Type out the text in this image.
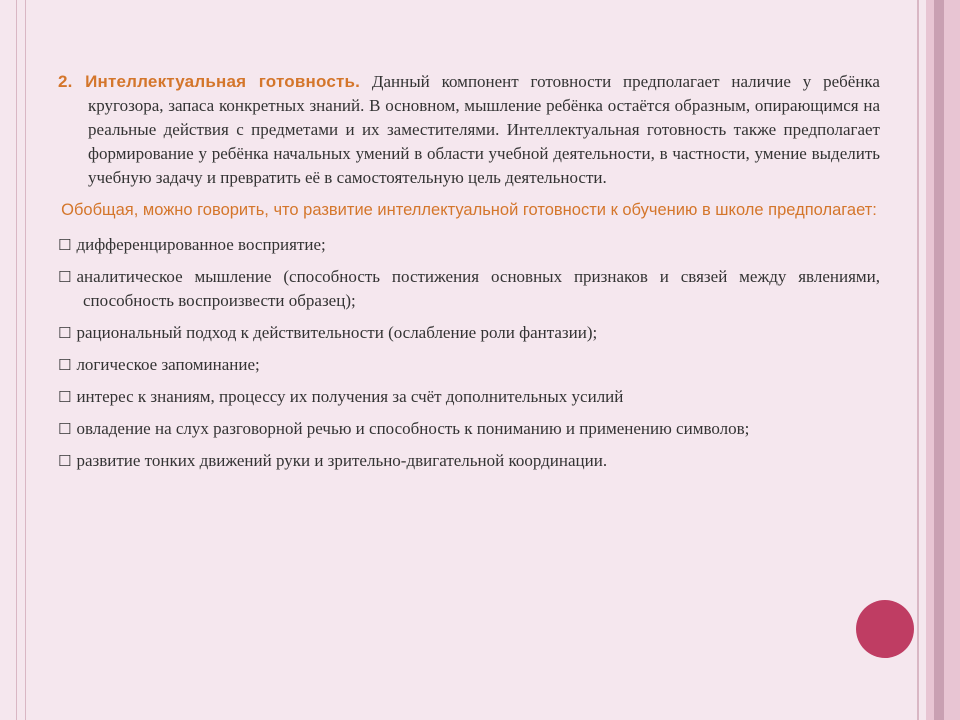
2. Интеллектуальная готовность. Данный компонент готовности предполагает наличие у ребёнка кругозора, запаса конкретных знаний. В основном, мышление ребёнка остаётся образным, опирающимся на реальные действия с предметами и их заместителями. Интеллектуальная готовность также предполагает формирование у ребёнка начальных умений в области учебной деятельности, в частности, умение выделить учебную задачу и превратить её в самостоятельную цель деятельности.

Обобщая, можно говорить, что развитие интеллектуальной готовности к обучению в школе предполагает:

☐ дифференцированное восприятие;
☐ аналитическое мышление (способность постижения основных признаков и связей между явлениями, способность воспроизвести образец);
☐ рациональный подход к действительности (ослабление роли фантазии);
☐ логическое запоминание;
☐ интерес к знаниям, процессу их получения за счёт дополнительных усилий
☐ овладение на слух разговорной речью и способность к пониманию и применению символов;
☐ развитие тонких движений руки и зрительно-двигательной координации.
